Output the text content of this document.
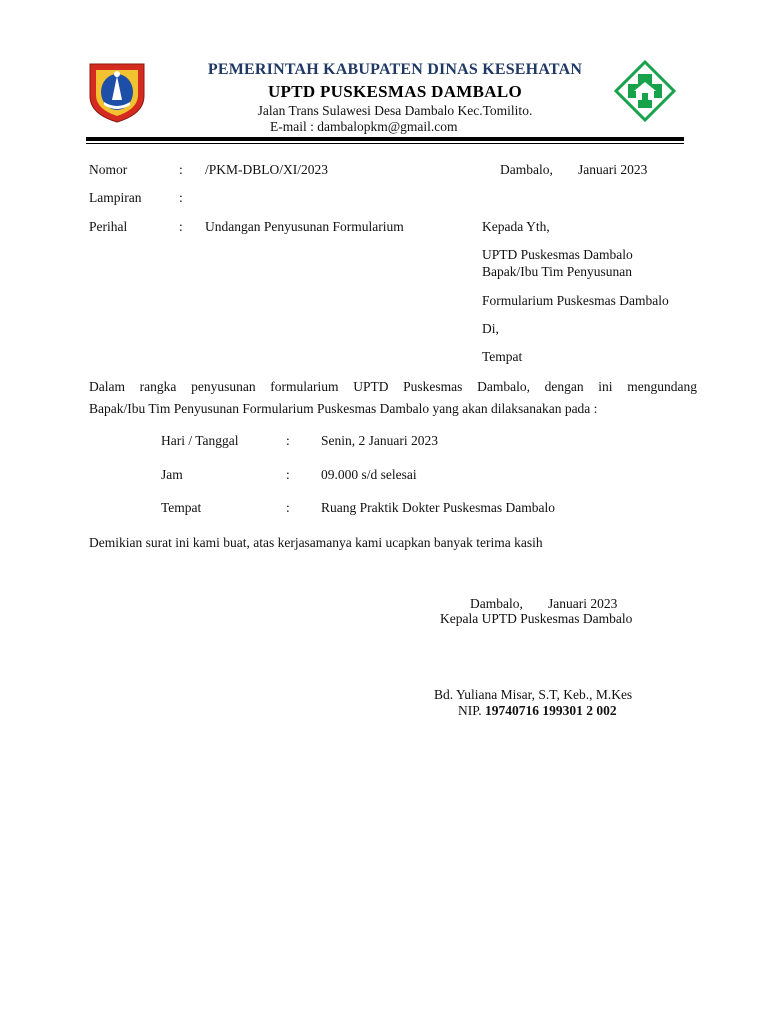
PEMERINTAH KABUPATEN DINAS KESEHATAN
UPTD PUSKESMAS DAMBALO
Jalan Trans Sulawesi Desa Dambalo Kec.Tomilito.
E-mail : dambalopkm@gmail.com
Nomor	: /PKM-DBLO/XI/2023	Dambalo, Januari 2023
Lampiran	:
Perihal	: Undangan Penyusunan Formularium	Kepada Yth,
UPTD Puskesmas Dambalo
Bapak/Ibu Tim Penyusunan
Formularium Puskesmas Dambalo
Di,
Tempat
Dalam rangka penyusunan formularium UPTD Puskesmas Dambalo, dengan ini mengundang
Bapak/Ibu Tim Penyusunan Formularium Puskesmas Dambalo yang akan dilaksanakan pada :
Hari / Tanggal	: Senin, 2 Januari 2023
Jam	: 09.000 s/d selesai
Tempat	: Ruang Praktik Dokter Puskesmas Dambalo
Demikian surat ini kami buat, atas kerjasamanya kami ucapkan banyak terima kasih
Dambalo, Januari 2023
Kepala UPTD Puskesmas Dambalo
Bd. Yuliana Misar, S.T, Keb., M.Kes
NIP. 19740716 199301 2 002
